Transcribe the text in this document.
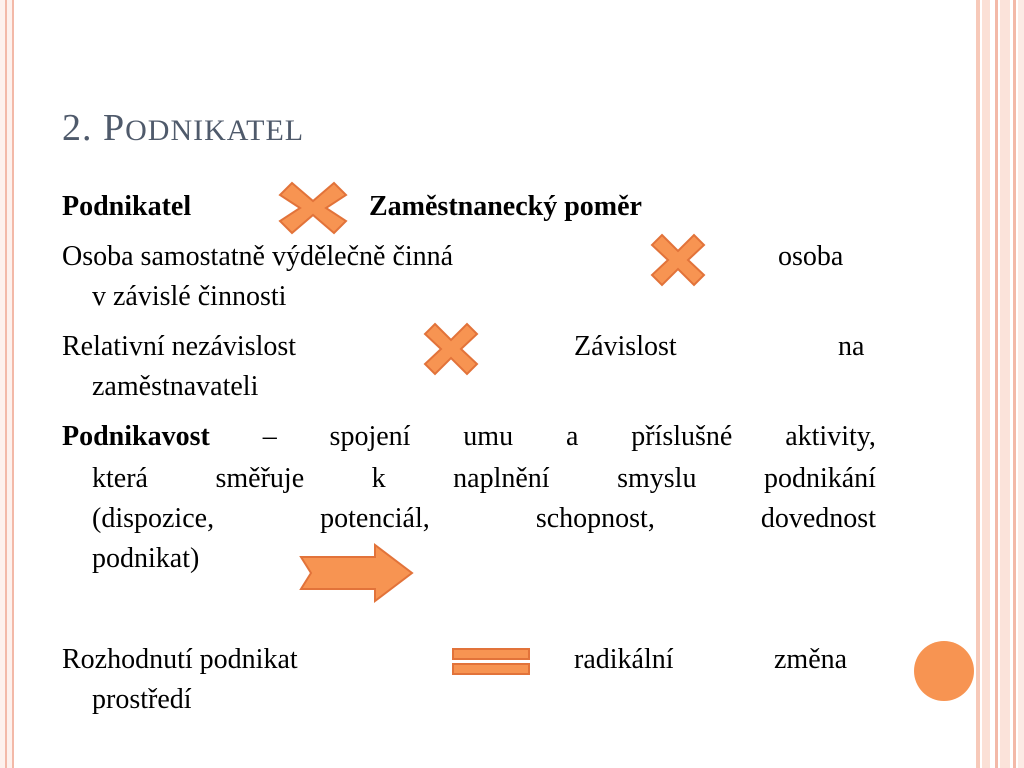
2. PODNIKATEL
Podnikatel	Zaměstnanecký poměr
Osoba samostatně výdělečně činná	osoba
v závislé činnosti
Relativní nezávislost	Závislost	na
zaměstnavateli
Podnikavost – spojení umu a příslušné aktivity,
která směřuje k naplnění smyslu podnikání
(dispozice,	potenciál,	schopnost,	dovednost
podnikat)
Rozhodnutí podnikat	radikální	změna
prostředí
